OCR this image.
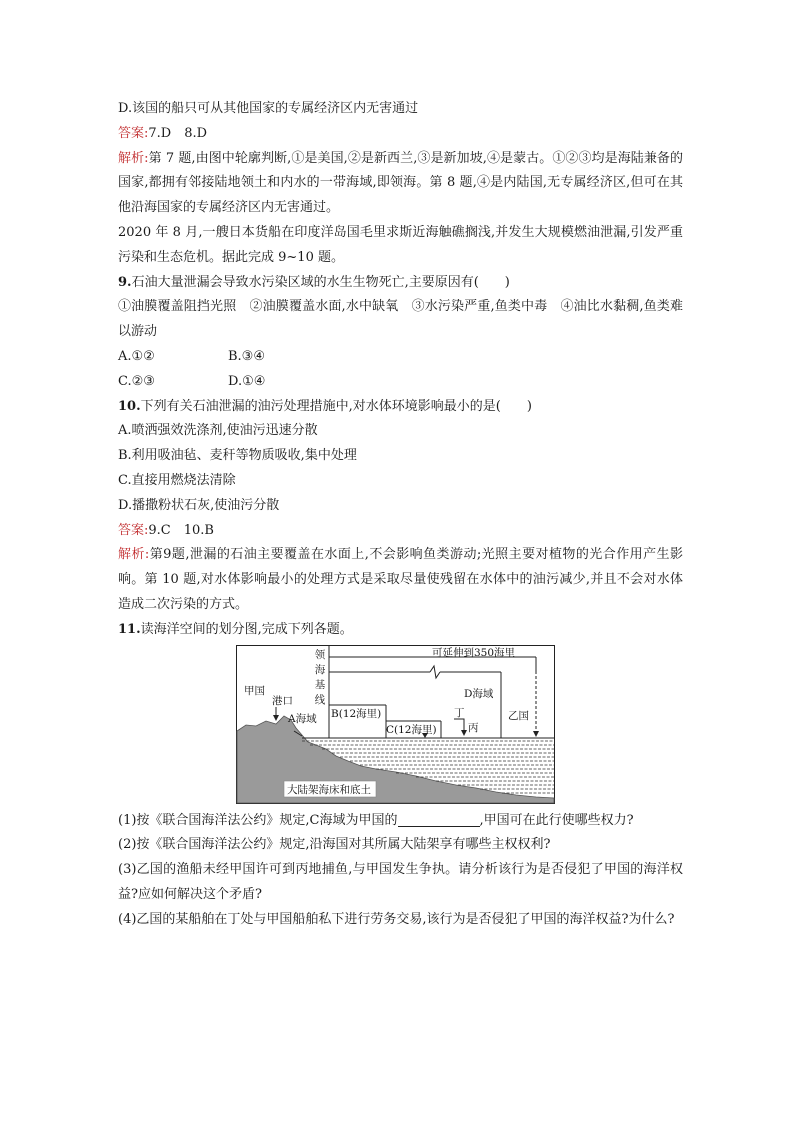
D.该国的船只可从其他国家的专属经济区内无害通过
答案:7.D　8.D
解析:第 7 题,由图中轮廓判断,①是美国,②是新西兰,③是新加坡,④是蒙古。①②③均是海陆兼备的国家,都拥有邻接陆地领土和内水的一带海域,即领海。第 8 题,④是内陆国,无专属经济区,但可在其他沿海国家的专属经济区内无害通过。
2020 年 8 月,一艘日本货船在印度洋岛国毛里求斯近海触礁搁浅,并发生大规模燃油泄漏,引发严重污染和生态危机。据此完成 9~10 题。
9.石油大量泄漏会导致水污染区域的水生生物死亡,主要原因有(　　)
①油膜覆盖阻挡光照　②油膜覆盖水面,水中缺氧　③水污染严重,鱼类中毒　④油比水黏稠,鱼类难以游动
A.①②	B.③④
C.②③	D.①④
10.下列有关石油泄漏的油污处理措施中,对水体环境影响最小的是(　　)
A.喷洒强效洗涤剂,使油污迅速分散
B.利用吸油毡、麦秆等物质吸收,集中处理
C.直接用燃烧法清除
D.播撒粉状石灰,使油污分散
答案:9.C　10.B
解析:第9题,泄漏的石油主要覆盖在水面上,不会影响鱼类游动;光照主要对植物的光合作用产生影响。第 10 题,对水体影响最小的处理方式是采取尽量使残留在水体中的油污减少,并且不会对水体造成二次污染的方式。
11.读海洋空间的划分图,完成下列各题。
甲国
港口
领海基线
A海域 B(12海里)
C(12海里)
丁
丙
D海域
可延伸到350海里
乙国
大陆架海床和底土
(1)按《联合国海洋法公约》规定,C海域为甲国的	,甲国可在此行使哪些权力?
(2)按《联合国海洋法公约》规定,沿海国对其所属大陆架享有哪些主权权利?
(3)乙国的渔船未经甲国许可到丙地捕鱼,与甲国发生争执。请分析该行为是否侵犯了甲国的海洋权益?应如何解决这个矛盾?
(4)乙国的某船舶在丁处与甲国船舶私下进行劳务交易,该行为是否侵犯了甲国的海洋权益?为什么?
